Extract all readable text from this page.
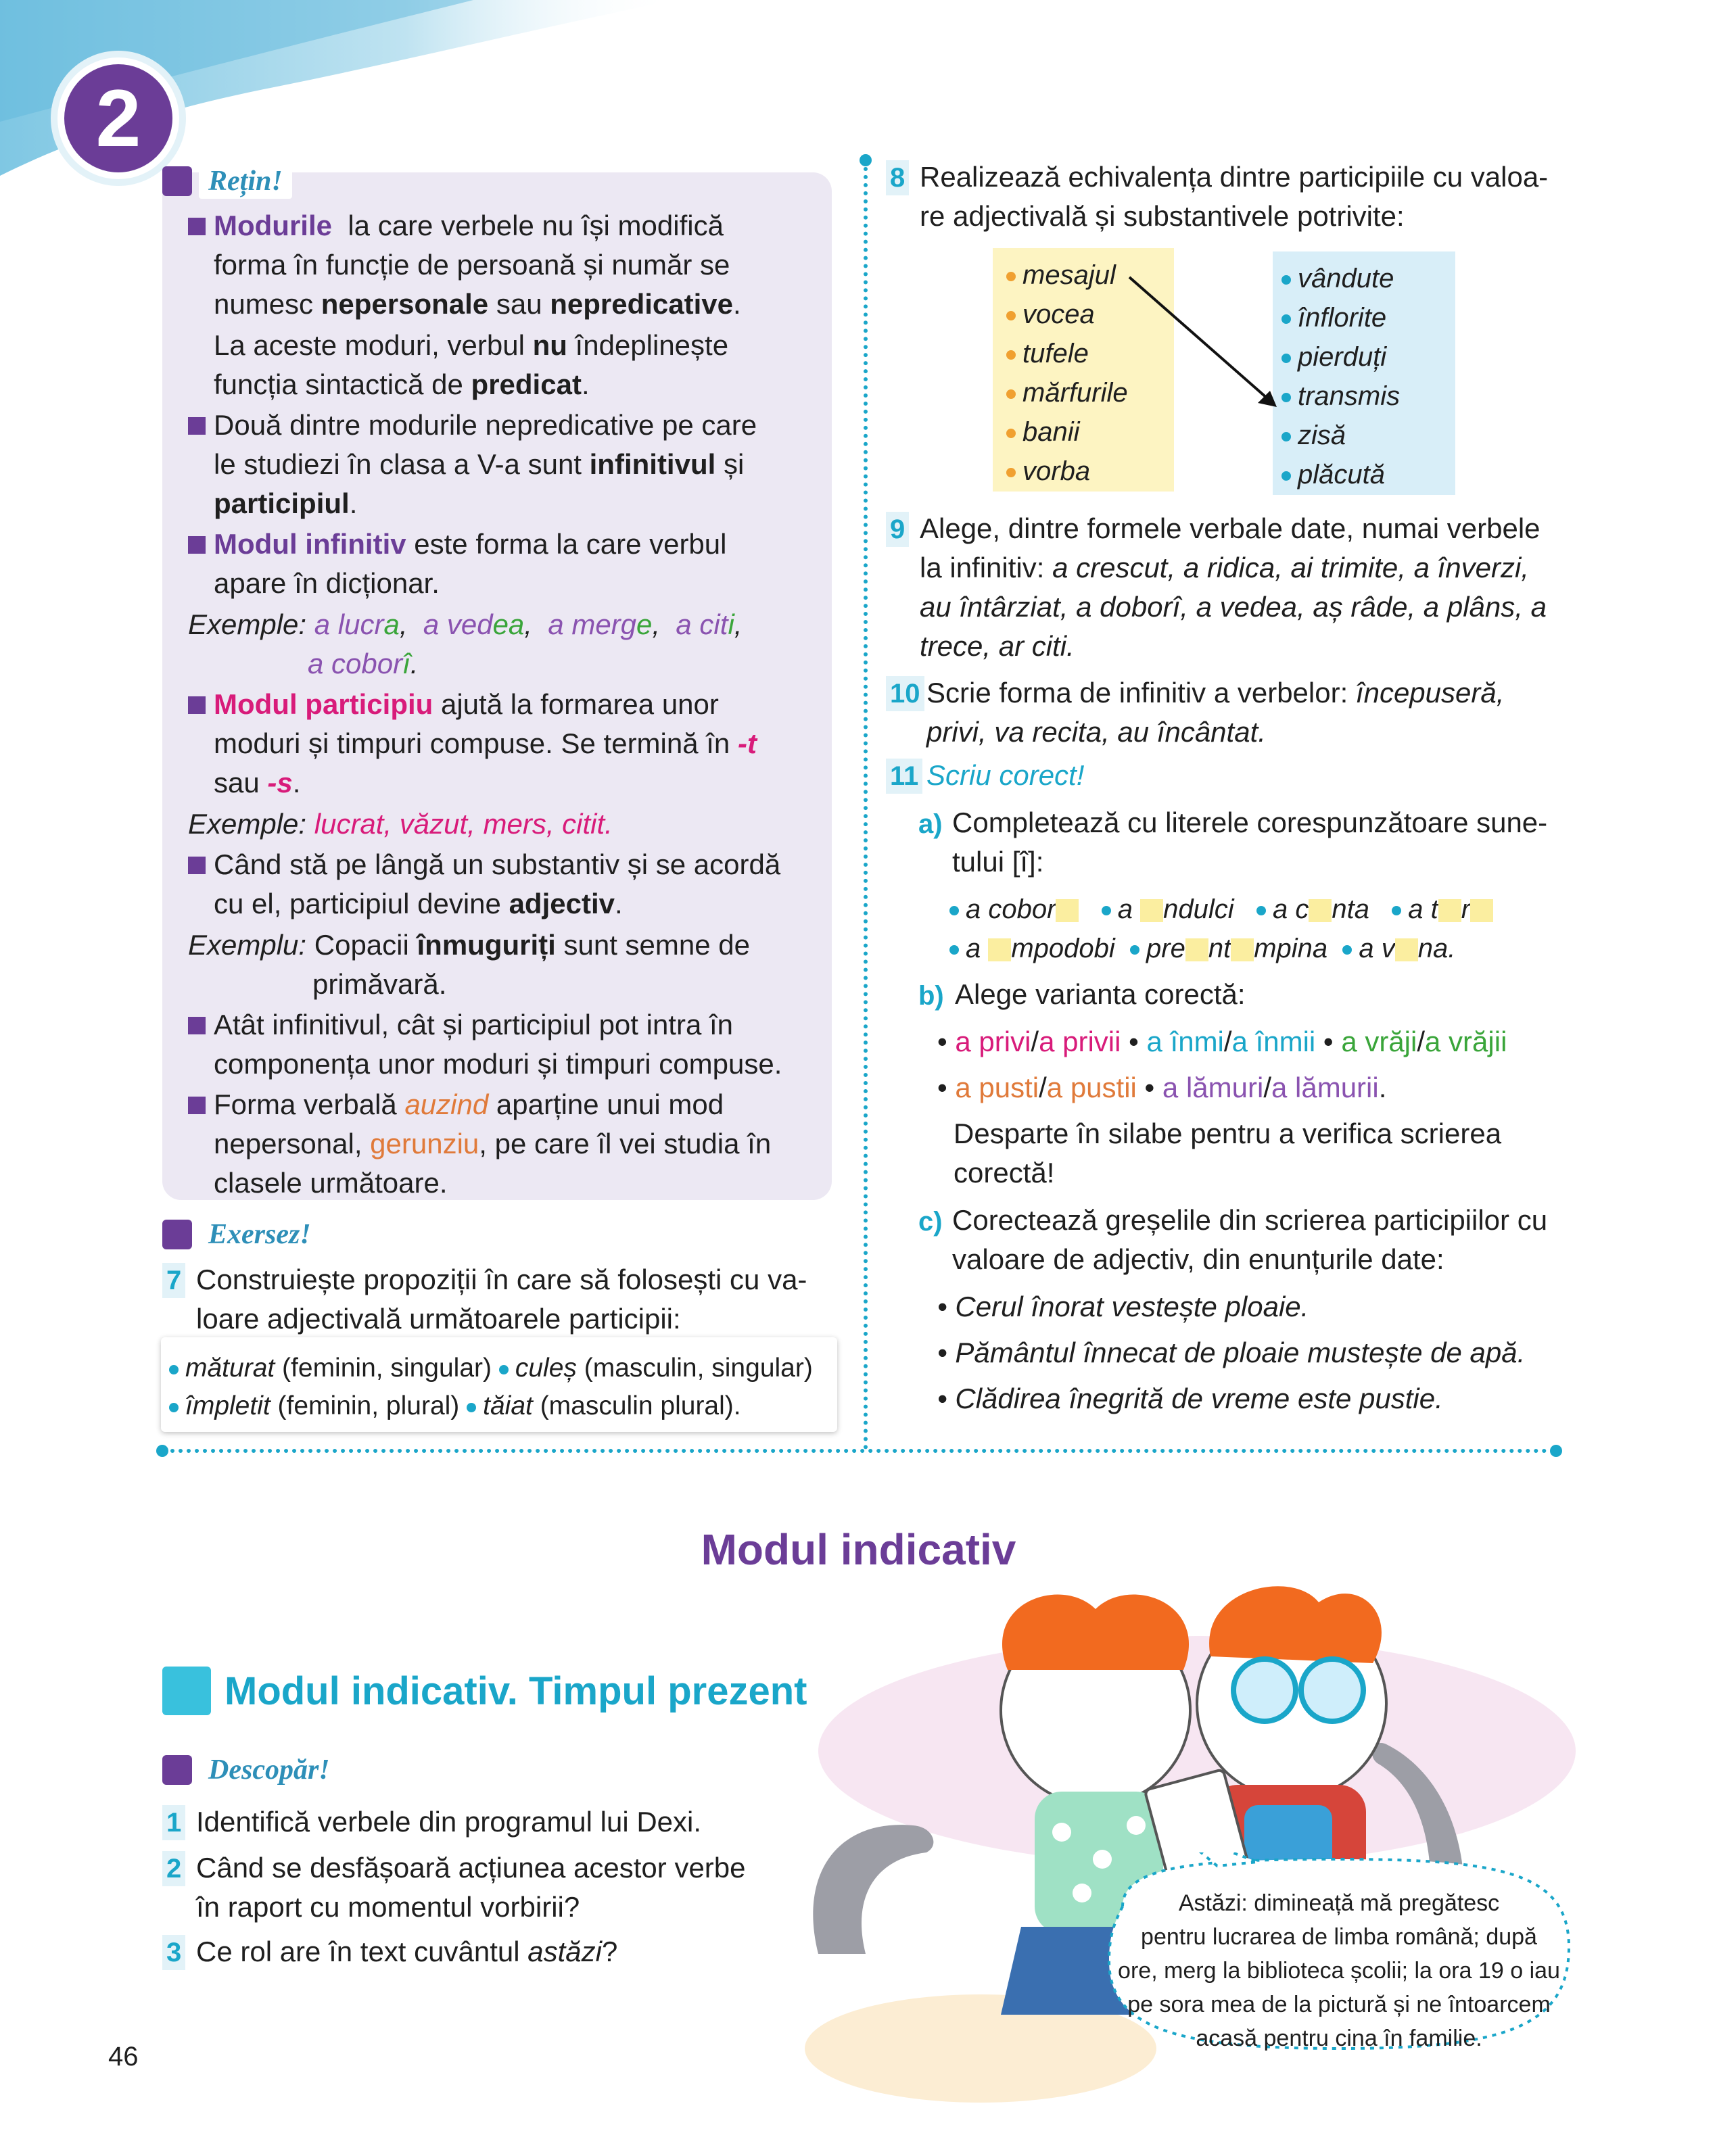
2
Rețin!
Modurile la care verbele nu își modifică
forma în funcție de persoană și număr se
numesc nepersonale sau nepredicative.
La aceste moduri, verbul nu îndeplinește
funcția sintactică de predicat.
Două dintre modurile nepredicative pe care
le studiezi în clasa a V-a sunt infinitivul și
participiul.
Modul infinitiv este forma la care verbul
apare în dicționar.
Exemple: a lucra,  a vedea,  a merge,  a citi,
a coborî.
Modul participiu ajută la formarea unor
moduri și timpuri compuse. Se termină în -t
sau -s.
Exemple: lucrat, văzut, mers, citit.
Când stă pe lângă un substantiv și se acordă
cu el, participiul devine adjectiv.
Exemplu: Copacii înmuguriți sunt semne de
primăvară.
Atât infinitivul, cât și participiul pot intra în
componența unor moduri și timpuri compuse.
Forma verbală auzind aparține unui mod
nepersonal, gerunziu, pe care îl vei studia în
clasele următoare.
Exersez!
7 Construiește propoziții în care să folosești cu va-
loare adjectivală următoarele participii:
măturat (feminin, singular) culeș (masculin, singular)
împletit (feminin, plural) tăiat (masculin plural).
8 Realizează echivalența dintre participiile cu valoa-
re adjectivală și substantivele potrivite:
mesajul
vocea
tufele
mărfurile
banii
vorba
vândute
înflorite
pierduți
transmis
zisă
plăcută
9 Alege, dintre formele verbale date, numai verbele
la infinitiv: a crescut, a ridica, ai trimite, a înverzi,
au întârziat, a doborî, a vedea, aș râde, a plâns, a
trece, ar citi.
10 Scrie forma de infinitiv a verbelor: începuseră,
privi, va recita, au încântat.
11 Scriu corect!
a) Completează cu literele corespunzătoare sune-
tului [î]:
a cobor a ndulci a c nta a t r
a mpodobi pre nt mpina a v na.
b) Alege varianta corectă:
• a privi/a privii • a înmi/a înmii • a vrăji/a vrăjii
• a pusti/a pustii • a lămuri/a lămurii.
Desparte în silabe pentru a verifica scrierea
corectă!
c) Corectează greșelile din scrierea participiilor cu
valoare de adjectiv, din enunțurile date:
• Cerul înorat vestește ploaie.
• Pământul înnecat de ploaie mustește de apă.
• Clădirea înegrită de vreme este pustie.
Modul indicativ
Astăzi: dimineață mă pregătesc
pentru lucrarea de limba română; după
ore, merg la biblioteca școlii; la ora 19 o iau
pe sora mea de la pictură și ne întoarcem
acasă pentru cina în familie.
Modul indicativ. Timpul prezent
Descopăr!
1 Identifică verbele din programul lui Dexi.
2 Când se desfășoară acțiunea acestor verbe
în raport cu momentul vorbirii?
3 Ce rol are în text cuvântul astăzi?
46
